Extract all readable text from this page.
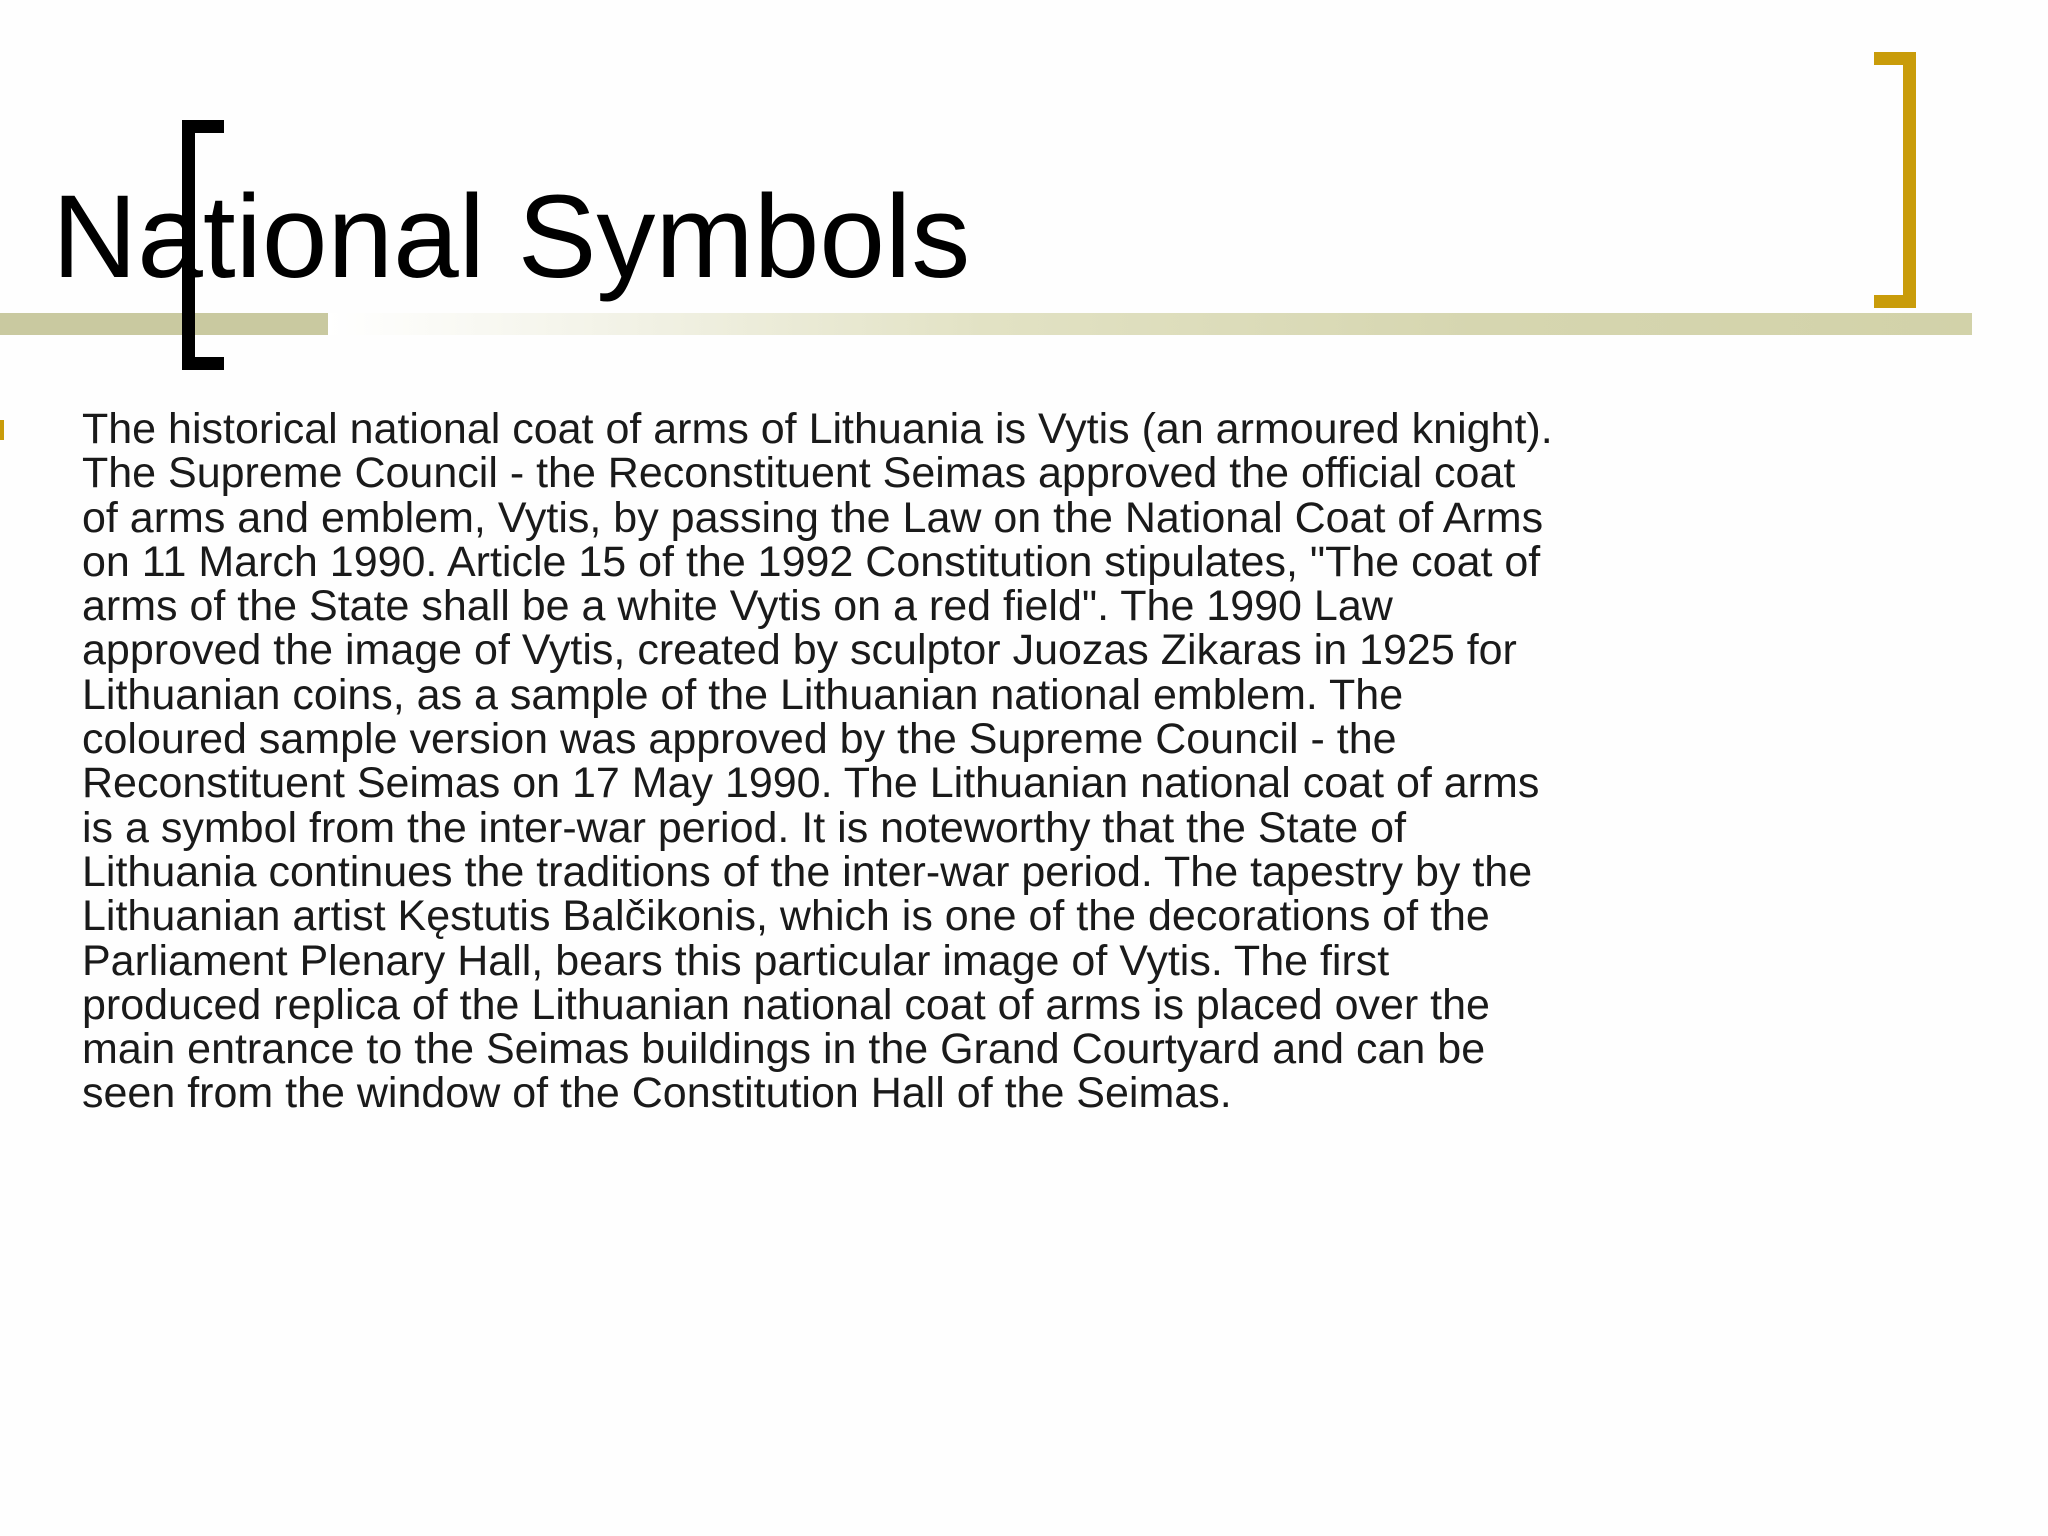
National Symbols
The historical national coat of arms of Lithuania is Vytis (an armoured knight).
The Supreme Council - the Reconstituent Seimas approved the official coat
of arms and emblem, Vytis, by passing the Law on the National Coat of Arms
on 11 March 1990. Article 15 of the 1992 Constitution stipulates, "The coat of
arms of the State shall be a white Vytis on a red field". The 1990 Law
approved the image of Vytis, created by sculptor Juozas Zikaras in 1925 for
Lithuanian coins, as a sample of the Lithuanian national emblem. The
coloured sample version was approved by the Supreme Council - the
Reconstituent Seimas on 17 May 1990. The Lithuanian national coat of arms
is a symbol from the inter-war period. It is noteworthy that the State of
Lithuania continues the traditions of the inter-war period. The tapestry by the
Lithuanian artist Kęstutis Balčikonis, which is one of the decorations of the
Parliament Plenary Hall, bears this particular image of Vytis. The first
produced replica of the Lithuanian national coat of arms is placed over the
main entrance to the Seimas buildings in the Grand Courtyard and can be
seen from the window of the Constitution Hall of the Seimas.
